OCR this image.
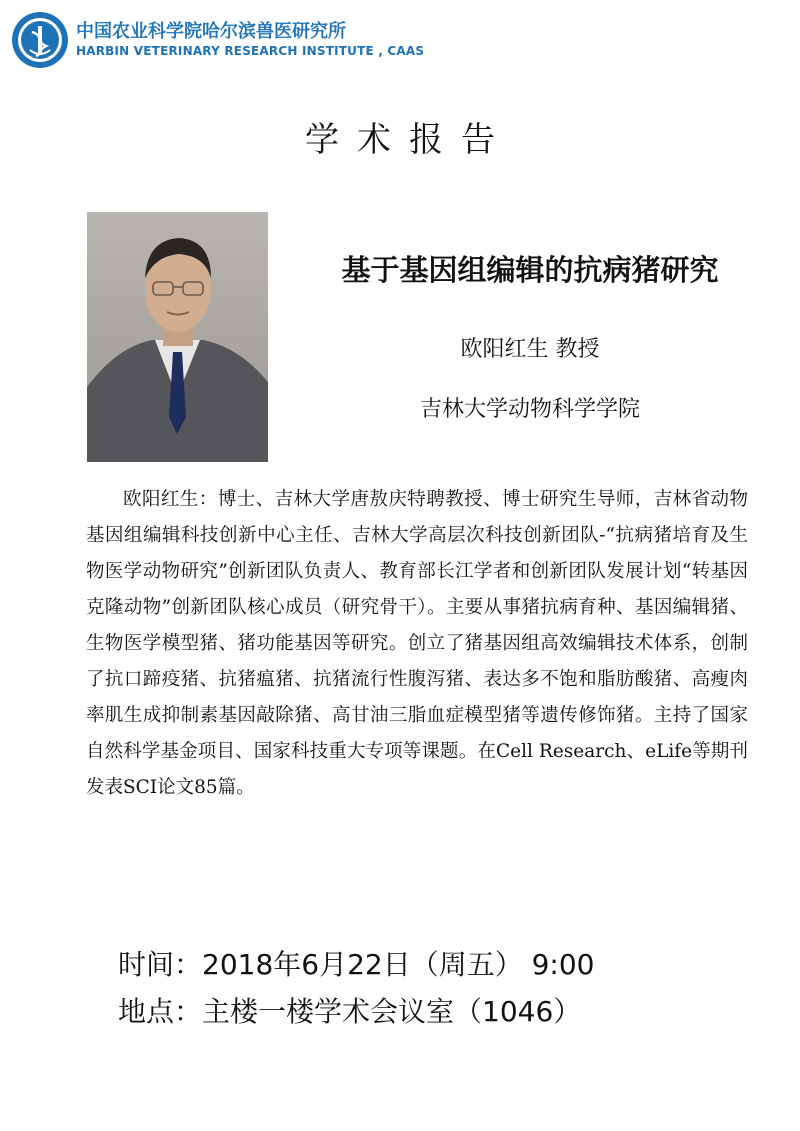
中国农业科学院哈尔滨兽医研究所
HARBIN VETERINARY RESEARCH INSTITUTE , CAAS
学术报告
基于基因组编辑的抗病猪研究
欧阳红生 教授
吉林大学动物科学学院
欧阳红生：博士、吉林大学唐敖庆特聘教授、博士研究生导师，吉林省动物基因组编辑科技创新中心主任、吉林大学高层次科技创新团队-“抗病猪培育及生物医学动物研究”创新团队负责人、教育部长江学者和创新团队发展计划“转基因克隆动物”创新团队核心成员（研究骨干）。主要从事猪抗病育种、基因编辑猪、生物医学模型猪、猪功能基因等研究。创立了猪基因组高效编辑技术体系，创制了抗口蹄疫猪、抗猪瘟猪、抗猪流行性腹泻猪、表达多不饱和脂肪酸猪、高瘦肉率肌生成抑制素基因敲除猪、高甘油三脂血症模型猪等遗传修饰猪。主持了国家自然科学基金项目、国家科技重大专项等课题。在Cell Research、eLife等期刊发表SCI论文85篇。
时间：2018年6月22日（周五） 9:00
地点：主楼一楼学术会议室（1046）
